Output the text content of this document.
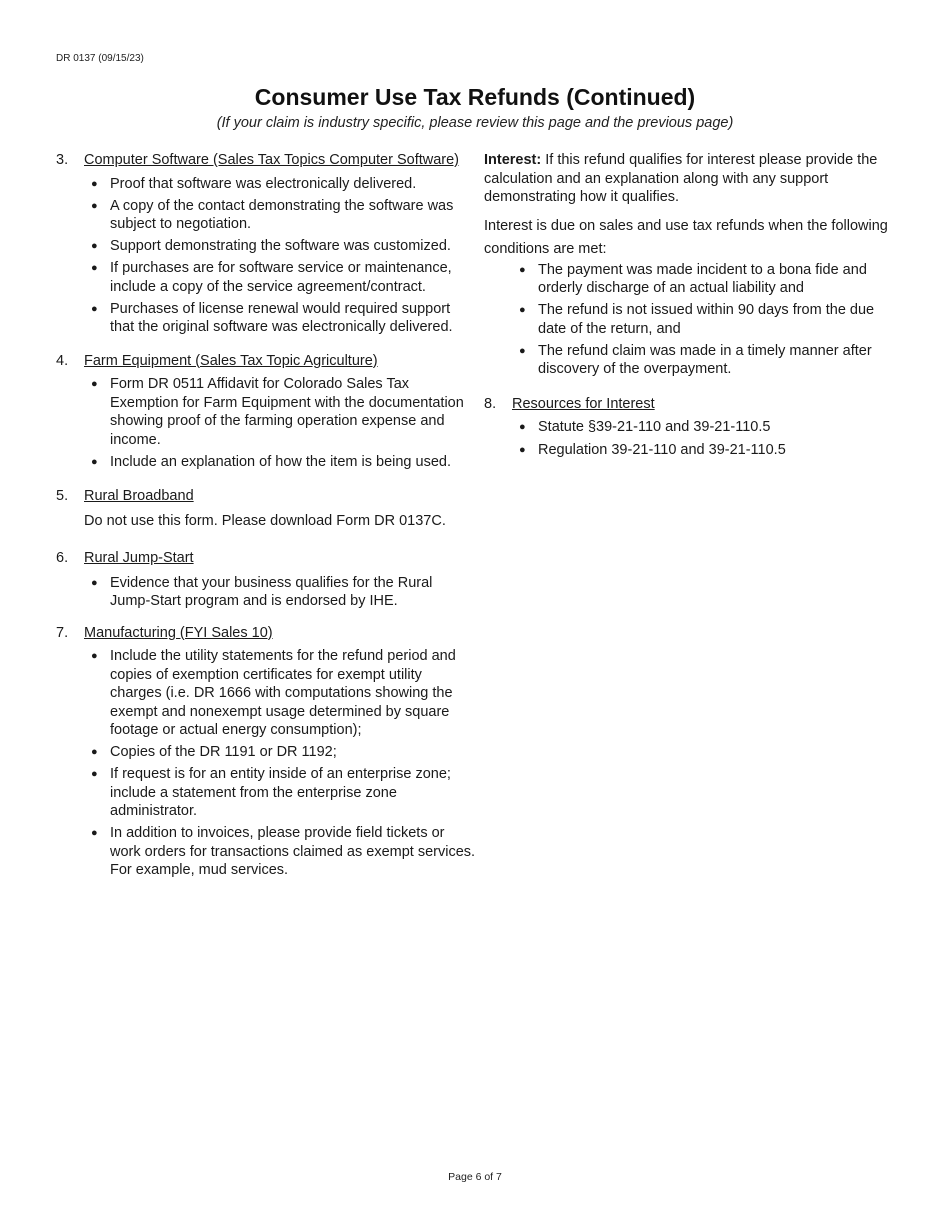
DR 0137 (09/15/23)
Consumer Use Tax Refunds (Continued)
(If your claim is industry specific, please review this page and the previous page)
3. Computer Software (Sales Tax Topics Computer Software)
● Proof that software was electronically delivered.
● A copy of the contact demonstrating the software was subject to negotiation.
● Support demonstrating the software was customized.
● If purchases are for software service or maintenance, include a copy of the service agreement/contract.
● Purchases of license renewal would required support that the original software was electronically delivered.
4. Farm Equipment (Sales Tax Topic Agriculture)
● Form DR 0511 Affidavit for Colorado Sales Tax Exemption for Farm Equipment with the documentation showing proof of the farming operation expense and income.
● Include an explanation of how the item is being used.
5. Rural Broadband
Do not use this form. Please download Form DR 0137C.
6. Rural Jump-Start
● Evidence that your business qualifies for the Rural Jump-Start program and is endorsed by IHE.
7. Manufacturing (FYI Sales 10)
● Include the utility statements for the refund period and copies of exemption certificates for exempt utility charges (i.e. DR 1666 with computations showing the exempt and nonexempt usage determined by square footage or actual energy consumption);
● Copies of the DR 1191 or DR 1192;
● If request is for an entity inside of an enterprise zone; include a statement from the enterprise zone administrator.
● In addition to invoices, please provide field tickets or work orders for transactions claimed as exempt services. For example, mud services.

Interest: If this refund qualifies for interest please provide the calculation and an explanation along with any support demonstrating how it qualifies.

Interest is due on sales and use tax refunds when the following conditions are met:
● The payment was made incident to a bona fide and orderly discharge of an actual liability and
● The refund is not issued within 90 days from the due date of the return, and
● The refund claim was made in a timely manner after discovery of the overpayment.
8. Resources for Interest
● Statute §39-21-110 and 39-21-110.5
● Regulation 39-21-110 and 39-21-110.5
Page 6 of 7
